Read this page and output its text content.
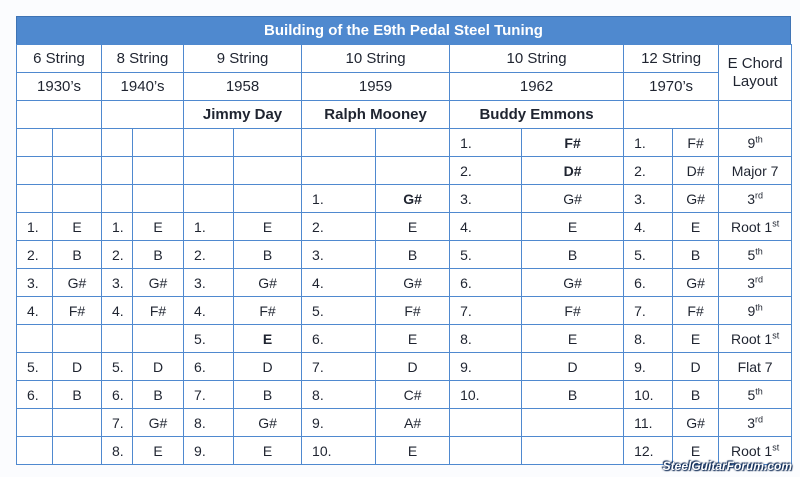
Building of the E9th Pedal Steel Tuning
6 String		8 String		9 String		10 String		10 String		12 String		E Chord Layout
1930’s		1940’s		1958		1959		1962		1970’s		
				Jimmy Day		Ralph Mooney		Buddy Emmons				
								1.	F#	1.	F#	9th
								2.	D#	2.	D#	Major 7
						1.	G#	3.	G#	3.	G#	3rd
1.	E	1.	E	1.	E	2.	E	4.	E	4.	E	Root 1st
2.	B	2.	B	2.	B	3.	B	5.	B	5.	B	5th
3.	G#	3.	G#	3.	G#	4.	G#	6.	G#	6.	G#	3rd
4.	F#	4.	F#	4.	F#	5.	F#	7.	F#	7.	F#	9th
				5.	E	6.	E	8.	E	8.	E	Root 1st
5.	D	5.	D	6.	D	7.	D	9.	D	9.	D	Flat 7
6.	B	6.	B	7.	B	8.	C#	10.	B	10.	B	5th
		7.	G#	8.	G#	9.	A#			11.	G#	3rd
		8.	E	9.	E	10.	E			12.	E	Root 1st
SteelGuitarForum.com
